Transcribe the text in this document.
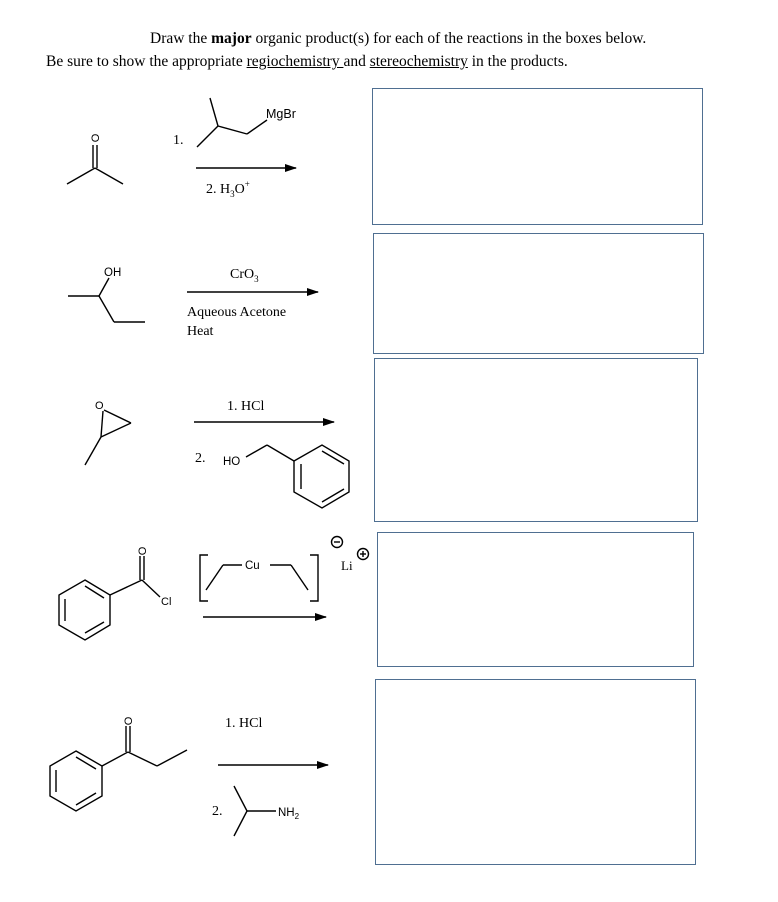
Draw the major organic product(s) for each of the reactions in the boxes below.
Be sure to show the appropriate regiochemistry and stereochemistry in the products.
O	1.
MgBr
2. $H_3O^+$
OH	CrO$_3$
Aqueous Acetone
Heat
O	1. HCl
2. HO
O
Cl
Cu	Li
O	1. HCl
2.	$NH_2$
